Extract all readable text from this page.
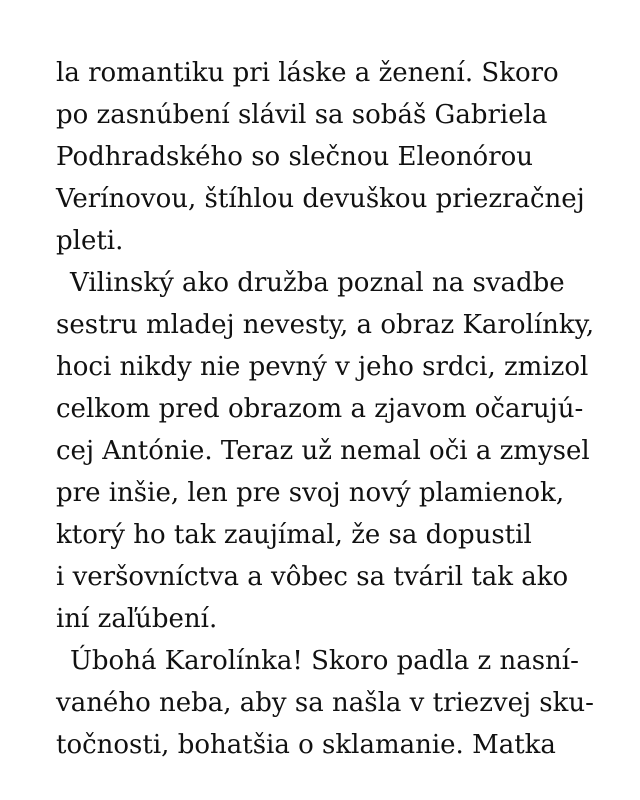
la romantiku pri láske a ženení. Skoro
po zasnúbení slávil sa sobáš Gabriela
Podhradského so slečnou Eleonórou
Verínovou, štíhlou devuškou priezračnej
pleti.
Vilinský ako družba poznal na svadbe
sestru mladej nevesty, a obraz Karolínky,
hoci nikdy nie pevný v jeho srdci, zmizol
celkom pred obrazom a zjavom očarujú-
cej Antónie. Teraz už nemal oči a zmysel
pre inšie, len pre svoj nový plamienok,
ktorý ho tak zaujímal, že sa dopustil
i veršovníctva a vôbec sa tváril tak ako
iní zaľúbení.
Úbohá Karolínka! Skoro padla z nasní-
vaného neba, aby sa našla v triezvej sku-
točnosti, bohatšia o sklamanie. Matka
